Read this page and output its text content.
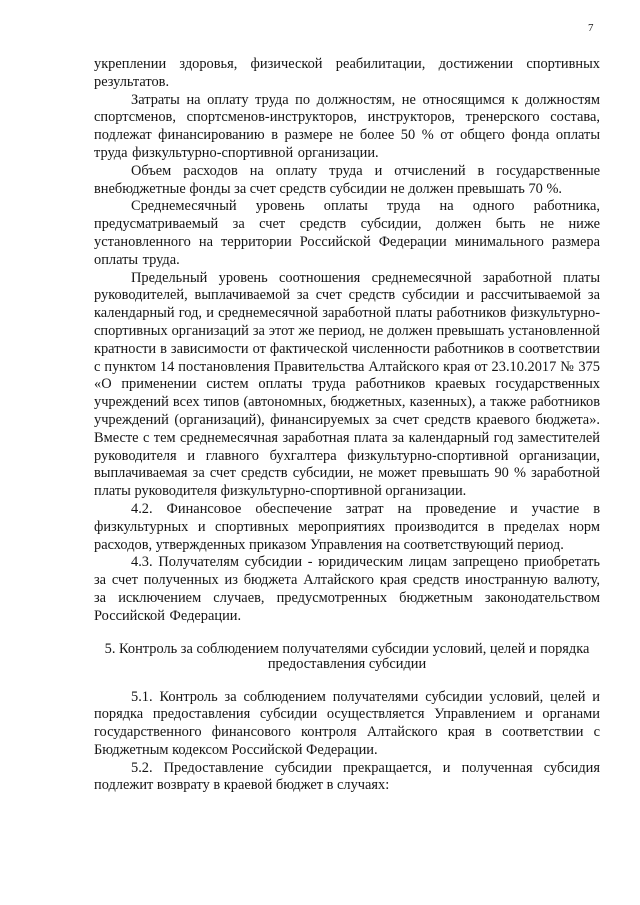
7

укреплении здоровья, физической реабилитации, достижении спортивных результатов.

Затраты на оплату труда по должностям, не относящимся к должностям спортсменов, спортсменов-инструкторов, инструкторов, тренерского состава, подлежат финансированию в размере не более 50 % от общего фонда оплаты труда физкультурно-спортивной организации.

Объем расходов на оплату труда и отчислений в государственные внебюджетные фонды за счет средств субсидии не должен превышать 70 %.

Среднемесячный уровень оплаты труда на одного работника, предусматриваемый за счет средств субсидии, должен быть не ниже установленного на территории Российской Федерации минимального размера оплаты труда.

Предельный уровень соотношения среднемесячной заработной платы руководителей, выплачиваемой за счет средств субсидии и рассчитываемой за календарный год, и среднемесячной заработной платы работников физкультурно-спортивных организаций за этот же период, не должен превышать установленной кратности в зависимости от фактической численности работников в соответствии с пунктом 14 постановления Правительства Алтайского края от 23.10.2017 № 375 «О применении систем оплаты труда работников краевых государственных учреждений всех типов (автономных, бюджетных, казенных), а также работников учреждений (организаций), финансируемых за счет средств краевого бюджета». Вместе с тем среднемесячная заработная плата за календарный год заместителей руководителя и главного бухгалтера физкультурно-спортивной организации, выплачиваемая за счет средств субсидии, не может превышать 90 % заработной платы руководителя физкультурно-спортивной организации.

4.2. Финансовое обеспечение затрат на проведение и участие в физкультурных и спортивных мероприятиях производится в пределах норм расходов, утвержденных приказом Управления на соответствующий период.

4.3. Получателям субсидии - юридическим лицам запрещено приобретать за счет полученных из бюджета Алтайского края средств иностранную валюту, за исключением случаев, предусмотренных бюджетным законодательством Российской Федерации.

5. Контроль за соблюдением получателями субсидии условий, целей и порядка предоставления субсидии

5.1. Контроль за соблюдением получателями субсидии условий, целей и порядка предоставления субсидии осуществляется Управлением и органами государственного финансового контроля Алтайского края в соответствии с Бюджетным кодексом Российской Федерации.

5.2. Предоставление субсидии прекращается, и полученная субсидия подлежит возврату в краевой бюджет в случаях:
